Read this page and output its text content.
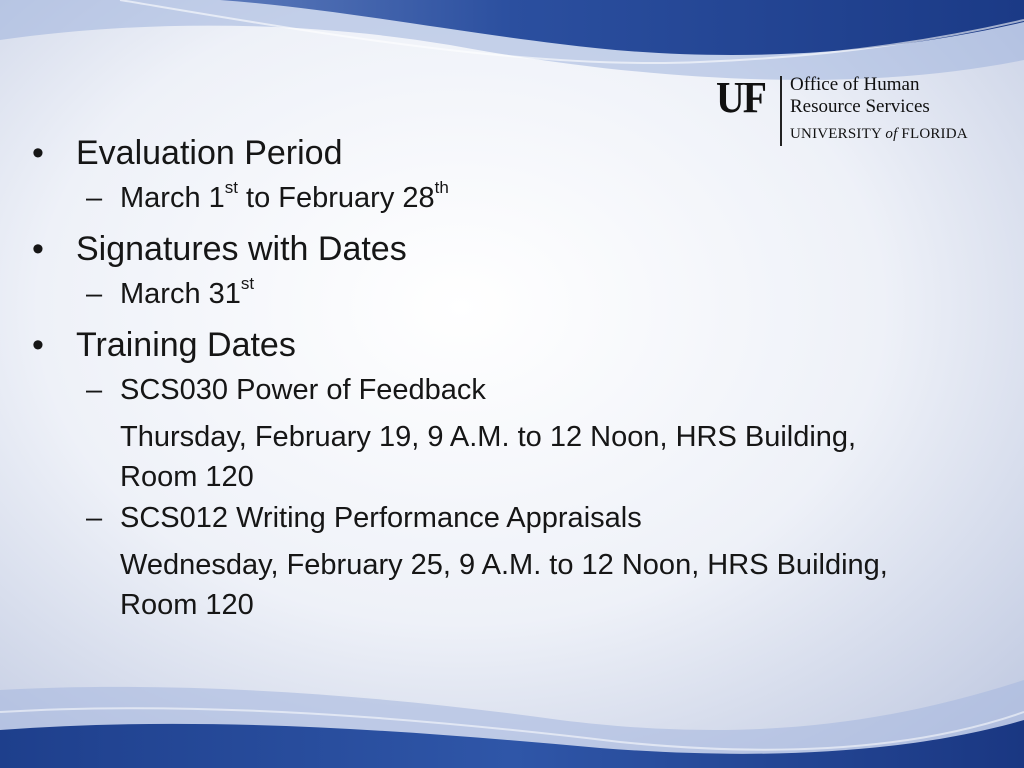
UF Office of Human
Resource Services
UNIVERSITY of FLORIDA
• Evaluation Period
– March 1st to February 28th
• Signatures with Dates
– March 31st
• Training Dates
– SCS030 Power of Feedback
Thursday, February 19, 9 A.M. to 12 Noon, HRS Building, Room 120
– SCS012 Writing Performance Appraisals
Wednesday, February 25, 9 A.M. to 12 Noon, HRS Building, Room 120
